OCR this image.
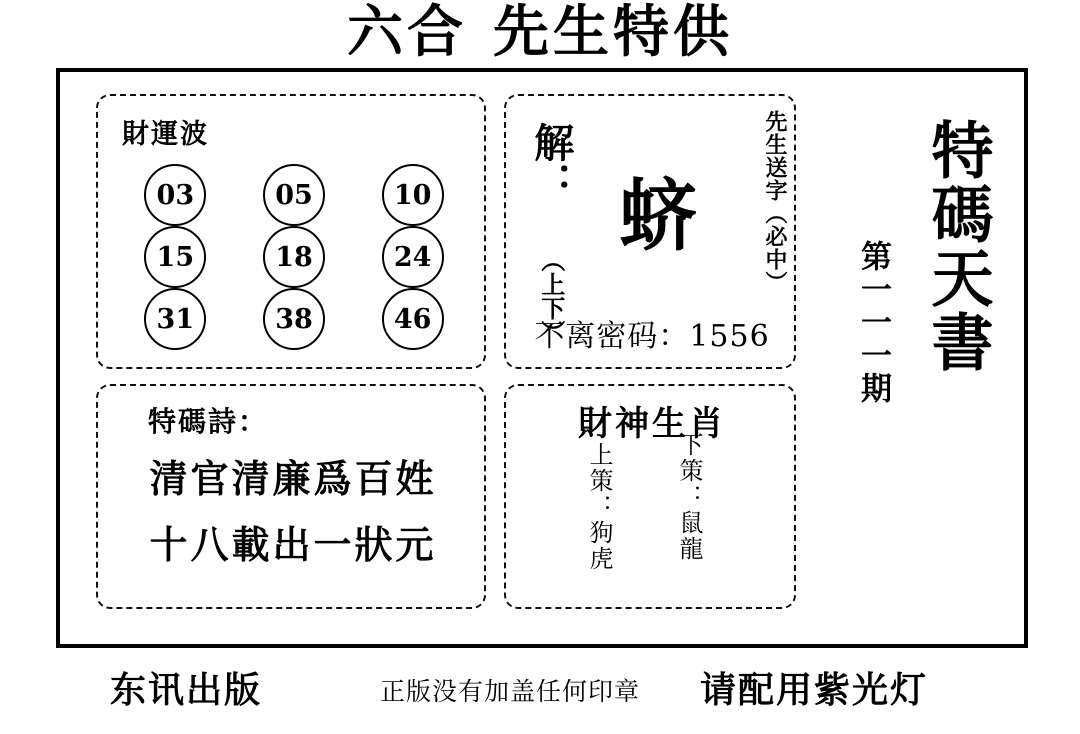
六合 先生特供
財運波
03	05	10
15	18	24
31	38	46
解： （上下）
蛴	先生送字（必中）
不离密码：1556
特碼詩：
清官清廉爲百姓
十八載出一狀元
財神生肖
上策：狗虎	下策：鼠龍
特碼天書
第一一一期
东讯出版	正版没有加盖任何印章 请配用紫光灯
